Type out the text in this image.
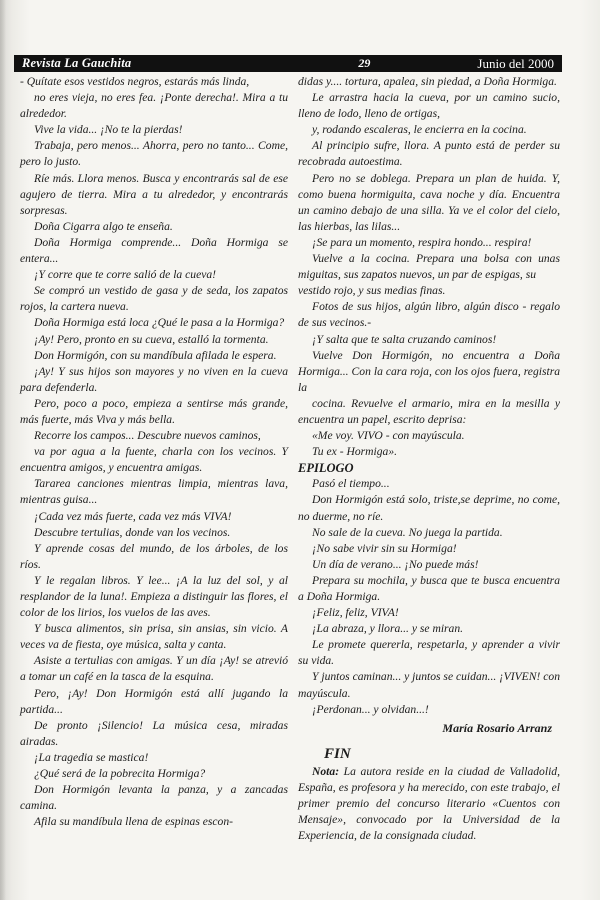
Revista La Gauchita	29	Junio del 2000

- Quítate esos vestidos negros, estarás más linda,

no eres vieja, no eres fea. ¡Ponte derecha!. Mira a tu alrededor.

Vive la vida... ¡No te la pierdas!

Trabaja, pero menos... Ahorra, pero no tanto... Come, pero lo justo.

Ríe más. Llora menos. Busca y encontrarás sal de ese agujero de tierra. Mira a tu alrededor, y encontrarás sorpresas.

Doña Cigarra algo te enseña.

Doña Hormiga comprende... Doña Hormiga se entera...

¡Y corre que te corre salió de la cueva!

Se compró un vestido de gasa y de seda, los zapatos rojos, la cartera nueva.

Doña Hormiga está loca ¿Qué le pasa a la Hormiga?

¡Ay! Pero, pronto en su cueva, estalló la tormenta.

Don Hormigón, con su mandíbula afilada le espera.

¡Ay! Y sus hijos son mayores y no viven en la cueva para defenderla.

Pero, poco a poco, empieza a sentirse más grande, más fuerte, más Viva y más bella.

Recorre los campos... Descubre nuevos caminos,

va por agua a la fuente, charla con los vecinos. Y encuentra amigos, y encuentra amigas.

Tararea canciones mientras limpia, mientras lava, mientras guisa...

¡Cada vez más fuerte, cada vez más VIVA!

Descubre tertulias, donde van los vecinos.

Y aprende cosas del mundo, de los árboles, de los ríos.

Y le regalan libros. Y lee... ¡A la luz del sol, y al resplandor de la luna!. Empieza a distinguir las flores, el color de los lirios, los vuelos de las aves.

Y busca alimentos, sin prisa, sin ansias, sin vicio. A veces va de fiesta, oye música, salta y canta.

Asiste a tertulias con amigas. Y un día ¡Ay! se atrevió a tomar un café en la tasca de la esquina.

Pero, ¡Ay! Don Hormigón está allí jugando la partida...

De pronto ¡Silencio! La música cesa, miradas airadas.

¡La tragedia se mastica!

¿Qué será de la pobrecita Hormiga?

Don Hormigón levanta la panza, y a zancadas camina.

Afila su mandíbula llena de espinas escon-

didas y.... tortura, apalea, sin piedad, a Doña Hormiga.

Le arrastra hacia la cueva, por un camino sucio, lleno de lodo, lleno de ortigas,

y, rodando escaleras, le encierra en la cocina.

Al principio sufre, llora. A punto está de perder su recobrada autoestima.

Pero no se doblega. Prepara un plan de huida. Y, como buena hormiguita, cava noche y día. Encuentra un camino debajo de una silla. Ya ve el color del cielo, las hierbas, las lilas...

¡Se para un momento, respira hondo... respira!

Vuelve a la cocina. Prepara una bolsa con unas miguitas, sus zapatos nuevos, un par de espigas, su

vestido rojo, y sus medias finas.

Fotos de sus hijos, algún libro, algún disco - regalo de sus vecinos.-

¡Y salta que te salta cruzando caminos!

Vuelve Don Hormigón, no encuentra a Doña Hormiga... Con la cara roja, con los ojos fuera, registra la

cocina. Revuelve el armario, mira en la mesilla y encuentra un papel, escrito deprisa:

«Me voy. VIVO - con mayúscula.

Tu ex - Hormiga».

EPILOGO

Pasó el tiempo...

Don Hormigón está solo, triste,se deprime, no come, no duerme, no ríe.

No sale de la cueva. No juega la partida.

¡No sabe vivir sin su Hormiga!

Un día de verano... ¡No puede más!

Prepara su mochila, y busca que te busca encuentra a Doña Hormiga.

¡Feliz, feliz, VIVA!

¡La abraza, y llora... y se miran.

Le promete quererla, respetarla, y aprender a vivir su vida.

Y juntos caminan... y juntos se cuidan... ¡VIVEN! con mayúscula.

¡Perdonan... y olvidan...!

María Rosario Arranz
FIN

Nota: La autora reside en la ciudad de Valladolid, España, es profesora y ha merecido, con este trabajo, el primer premio del concurso literario «Cuentos con Mensaje», convocado por la Universidad de la Experiencia, de la consignada ciudad.
